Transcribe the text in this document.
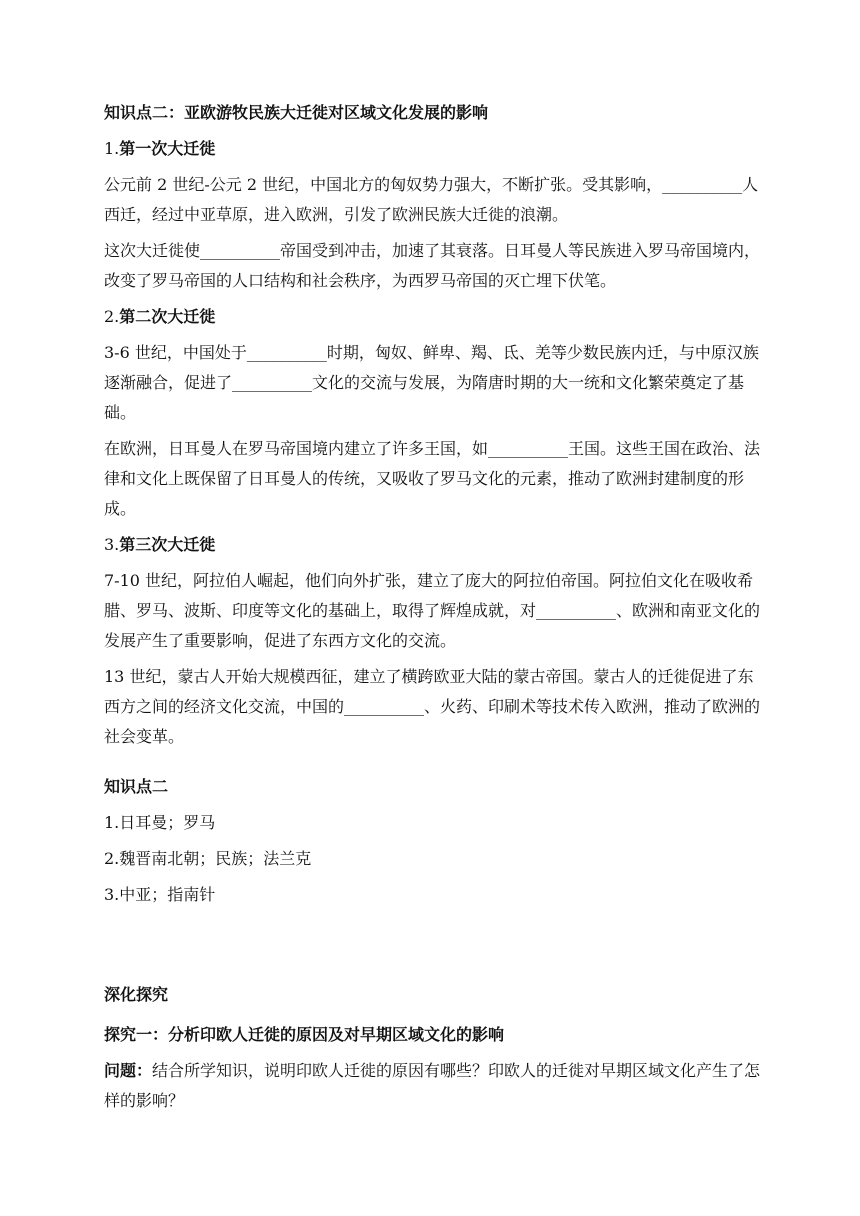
知识点二：亚欧游牧民族大迁徙对区域文化发展的影响

1.第一次大迁徙

公元前 2 世纪-公元 2 世纪，中国北方的匈奴势力强大，不断扩张。受其影响，__________人西迁，经过中亚草原，进入欧洲，引发了欧洲民族大迁徙的浪潮。

这次大迁徙使__________帝国受到冲击，加速了其衰落。日耳曼人等民族进入罗马帝国境内，改变了罗马帝国的人口结构和社会秩序，为西罗马帝国的灭亡埋下伏笔。

2.第二次大迁徙

3-6 世纪，中国处于__________时期，匈奴、鲜卑、羯、氐、羌等少数民族内迁，与中原汉族逐渐融合，促进了__________文化的交流与发展，为隋唐时期的大一统和文化繁荣奠定了基础。

在欧洲，日耳曼人在罗马帝国境内建立了许多王国，如__________王国。这些王国在政治、法律和文化上既保留了日耳曼人的传统，又吸收了罗马文化的元素，推动了欧洲封建制度的形成。

3.第三次大迁徙

7-10 世纪，阿拉伯人崛起，他们向外扩张，建立了庞大的阿拉伯帝国。阿拉伯文化在吸收希腊、罗马、波斯、印度等文化的基础上，取得了辉煌成就，对__________、欧洲和南亚文化的发展产生了重要影响，促进了东西方文化的交流。

13 世纪，蒙古人开始大规模西征，建立了横跨欧亚大陆的蒙古帝国。蒙古人的迁徙促进了东西方之间的经济文化交流，中国的__________、火药、印刷术等技术传入欧洲，推动了欧洲的社会变革。

知识点二

1.日耳曼；罗马

2.魏晋南北朝；民族；法兰克

3.中亚；指南针

深化探究

探究一：分析印欧人迁徙的原因及对早期区域文化的影响

问题：结合所学知识，说明印欧人迁徙的原因有哪些？印欧人的迁徙对早期区域文化产生了怎样的影响？
